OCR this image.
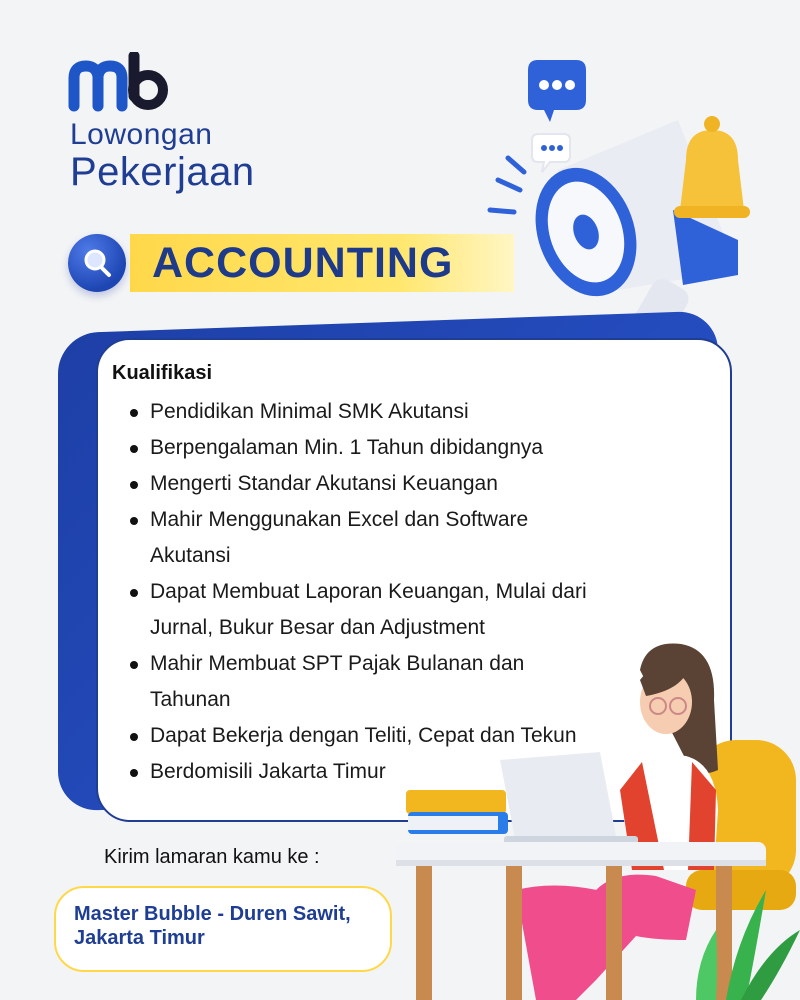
Lowongan
Pekerjaan
ACCOUNTING
Kualifikasi
Pendidikan Minimal SMK Akutansi
Berpengalaman Min. 1 Tahun dibidangnya
Mengerti Standar Akutansi Keuangan
Mahir Menggunakan Excel dan Software Akutansi
Dapat Membuat Laporan Keuangan, Mulai dari Jurnal, Bukur Besar dan Adjustment
Mahir Membuat SPT Pajak Bulanan dan Tahunan
Dapat Bekerja dengan Teliti, Cepat dan Tekun
Berdomisili Jakarta Timur
Kirim lamaran kamu ke :
Master Bubble - Duren Sawit,
Jakarta Timur
